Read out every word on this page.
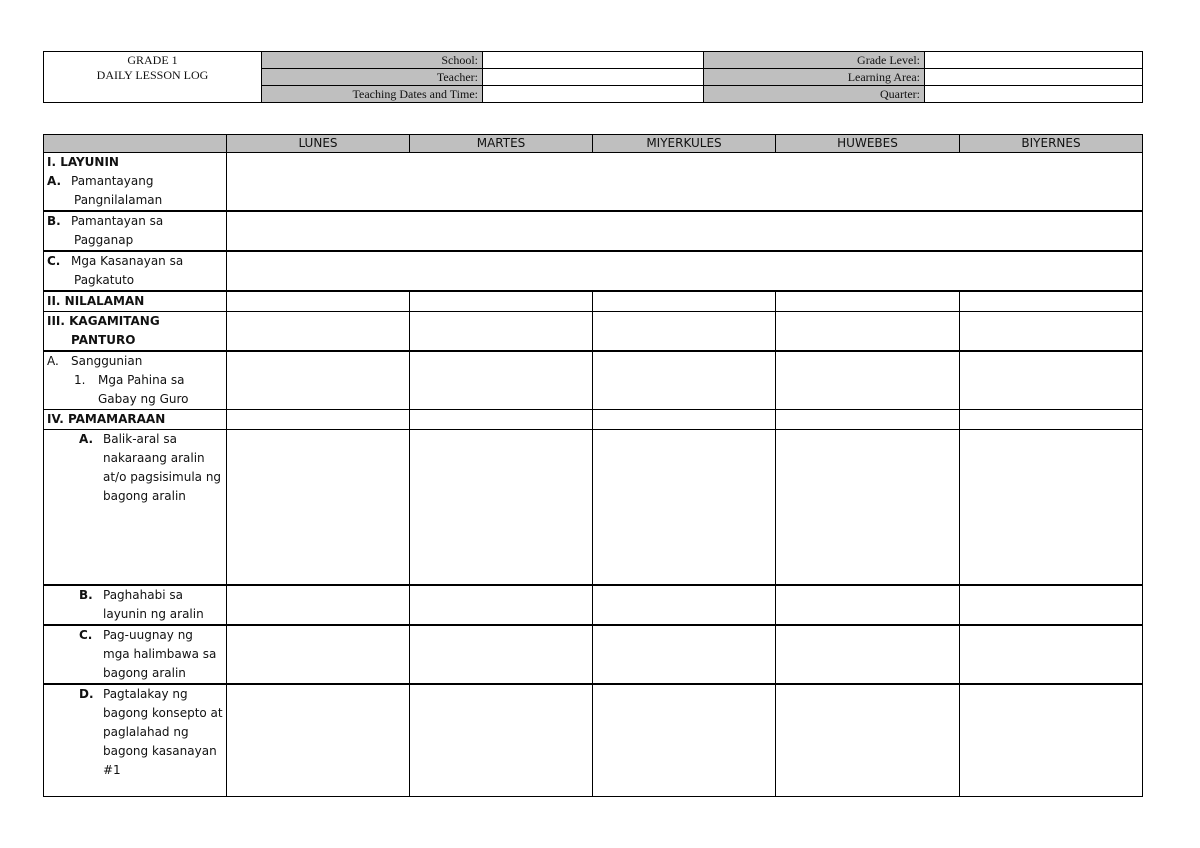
GRADE 1
DAILY LESSON LOG	School:		Grade Level:	
	Teacher:		Learning Area:	
	Teaching Dates and Time:		Quarter:	
	LUNES	MARTES	MIYERKULES	HUWEBES	BIYERNES
I. LAYUNIN
A. Pamantayang Pangnilalaman					

B. Pamantayan sa Pagganap					

C. Mga Kasanayan sa Pagkatuto					

II. NILALAMAN					

III. KAGAMITANG PANTURO					

A. Sanggunian
1. Mga Pahina sa Gabay ng Guro					

IV. PAMAMARAAN					

A. Balik-aral sa nakaraang aralin at/o pagsisimula ng bagong aralin					

B. Paghahabi sa layunin ng aralin					

C. Pag-uugnay ng mga halimbawa sa bagong aralin					

D. Pagtalakay ng bagong konsepto at paglalahad ng bagong kasanayan #1					
